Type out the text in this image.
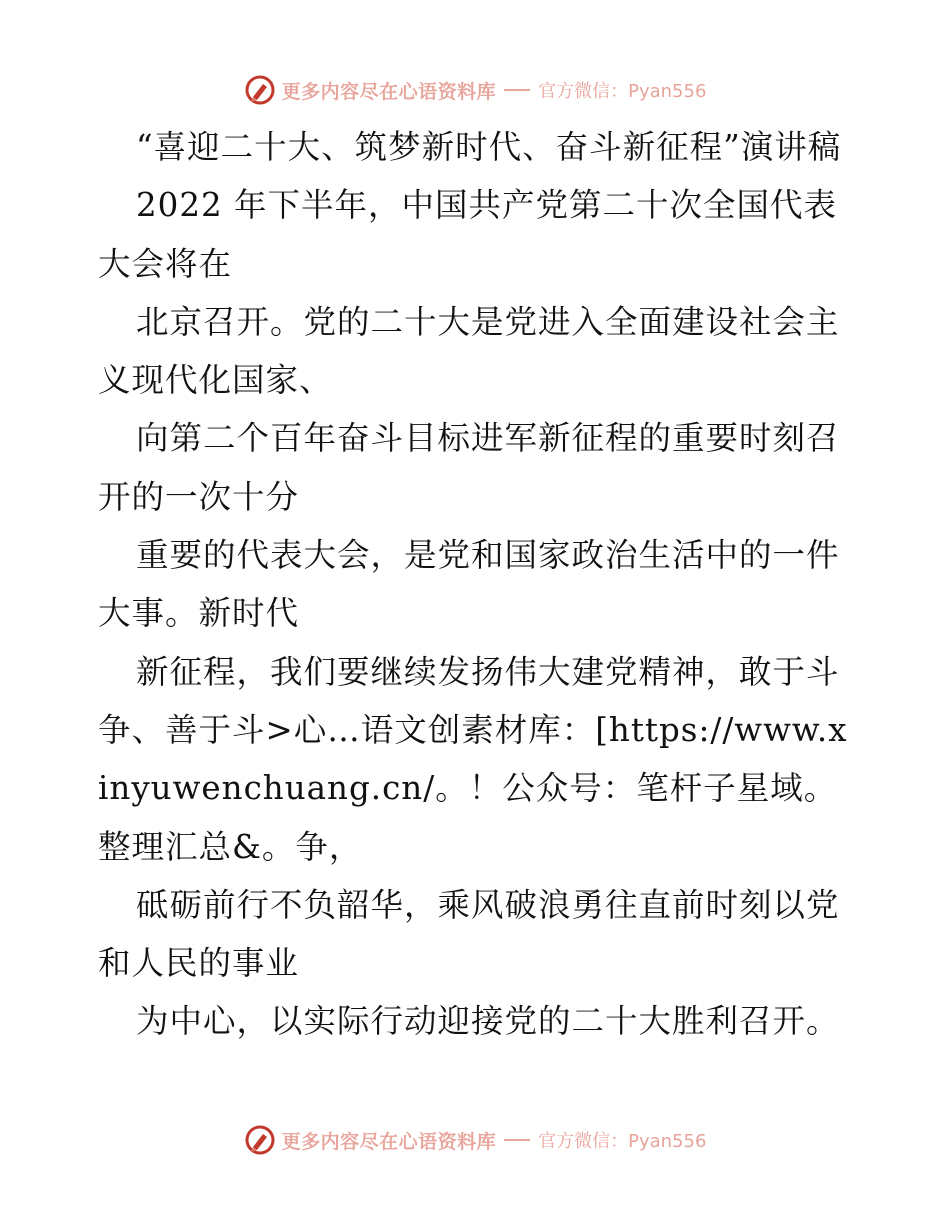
更多内容尽在心语资料库 官方微信：Pyan556

“喜迎二十大、筑梦新时代、奋斗新征程”演讲稿

2022 年下半年，中国共产党第二十次全国代表大会将在

北京召开。党的二十大是党进入全面建设社会主义现代化国家、

向第二个百年奋斗目标进军新征程的重要时刻召开的一次十分

重要的代表大会，是党和国家政治生活中的一件大事。新时代

新征程，我们要继续发扬伟大建党精神，敢于斗争、善于斗>心…语文创素材库：[https://www.xinyuwenchuang.cn/。！公众号：笔杆子星域。整理汇总&。争，

砥砺前行不负韶华，乘风破浪勇往直前时刻以党和人民的事业

为中心，以实际行动迎接党的二十大胜利召开。

更多内容尽在心语资料库 官方微信：Pyan556
